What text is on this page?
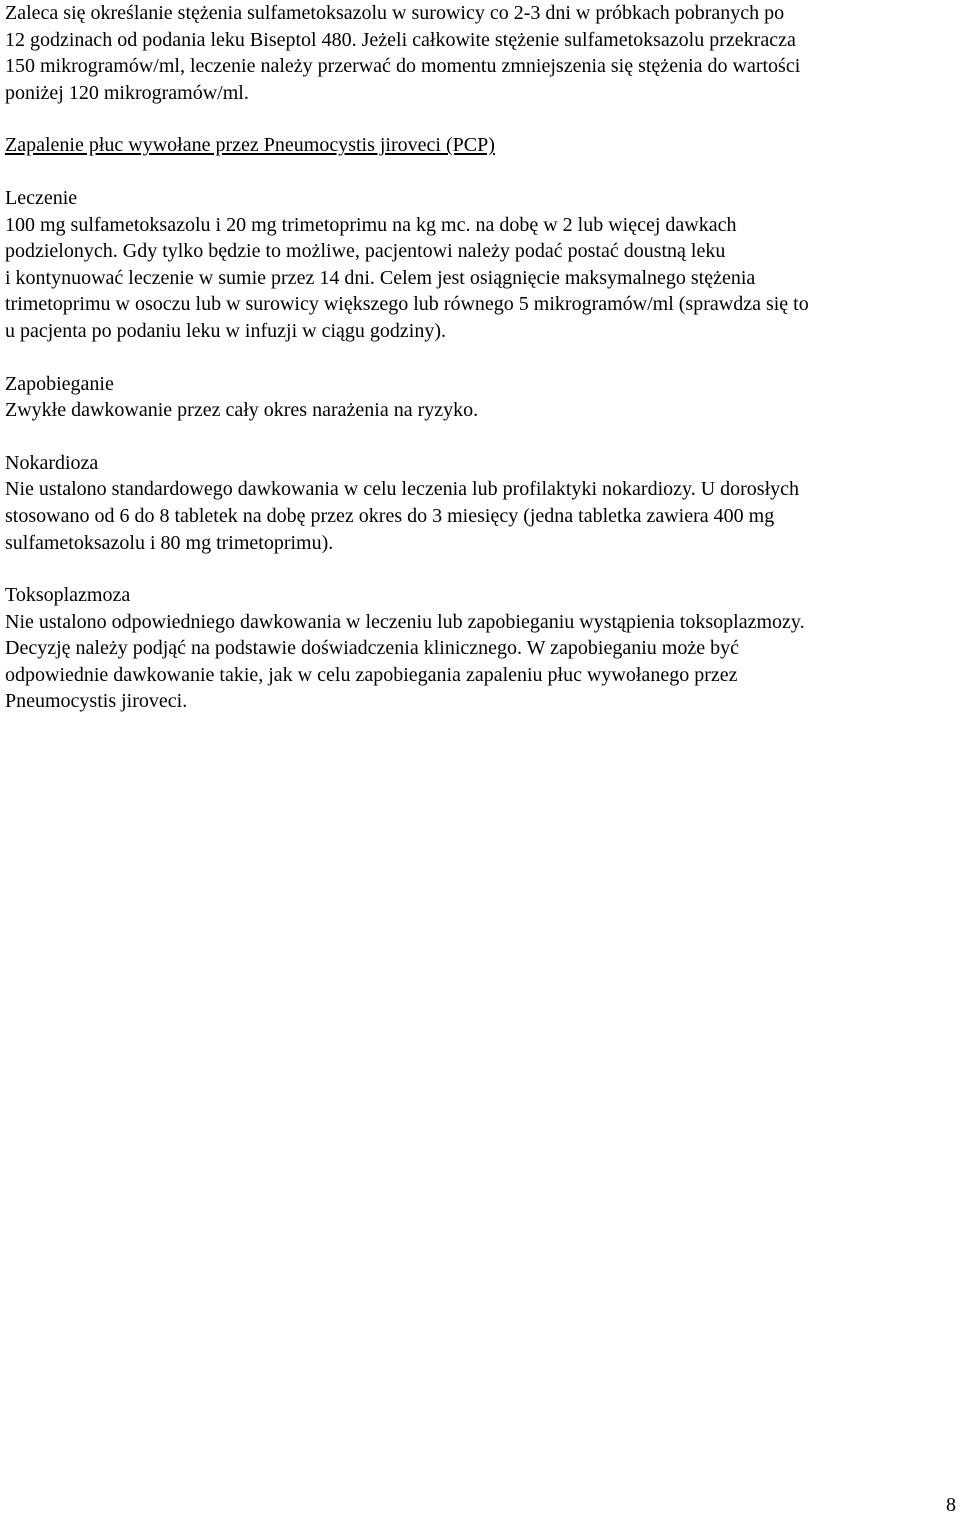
Zaleca się określanie stężenia sulfametoksazolu w surowicy co 2-3 dni w próbkach pobranych po
12 godzinach od podania leku Biseptol 480. Jeżeli całkowite stężenie sulfametoksazolu przekracza
150 mikrogramów/ml, leczenie należy przerwać do momentu zmniejszenia się stężenia do wartości
poniżej 120 mikrogramów/ml.
Zapalenie płuc wywołane przez Pneumocystis jiroveci (PCP)
Leczenie
100 mg sulfametoksazolu i 20 mg trimetoprimu na kg mc. na dobę w 2 lub więcej dawkach
podzielonych. Gdy tylko będzie to możliwe, pacjentowi należy podać postać doustną leku
i kontynuować leczenie w sumie przez 14 dni. Celem jest osiągnięcie maksymalnego stężenia
trimetoprimu w osoczu lub w surowicy większego lub równego 5 mikrogramów/ml (sprawdza się to
u pacjenta po podaniu leku w infuzji w ciągu godziny).
Zapobieganie
Zwykłe dawkowanie przez cały okres narażenia na ryzyko.
Nokardioza
Nie ustalono standardowego dawkowania w celu leczenia lub profilaktyki nokardiozy. U dorosłych
stosowano od 6 do 8 tabletek na dobę przez okres do 3 miesięcy (jedna tabletka zawiera 400 mg
sulfametoksazolu i 80 mg trimetoprimu).
Toksoplazmoza
Nie ustalono odpowiedniego dawkowania w leczeniu lub zapobieganiu wystąpienia toksoplazmozy.
Decyzję należy podjąć na podstawie doświadczenia klinicznego. W zapobieganiu może być
odpowiednie dawkowanie takie, jak w celu zapobiegania zapaleniu płuc wywołanego przez
Pneumocystis jiroveci.
8
